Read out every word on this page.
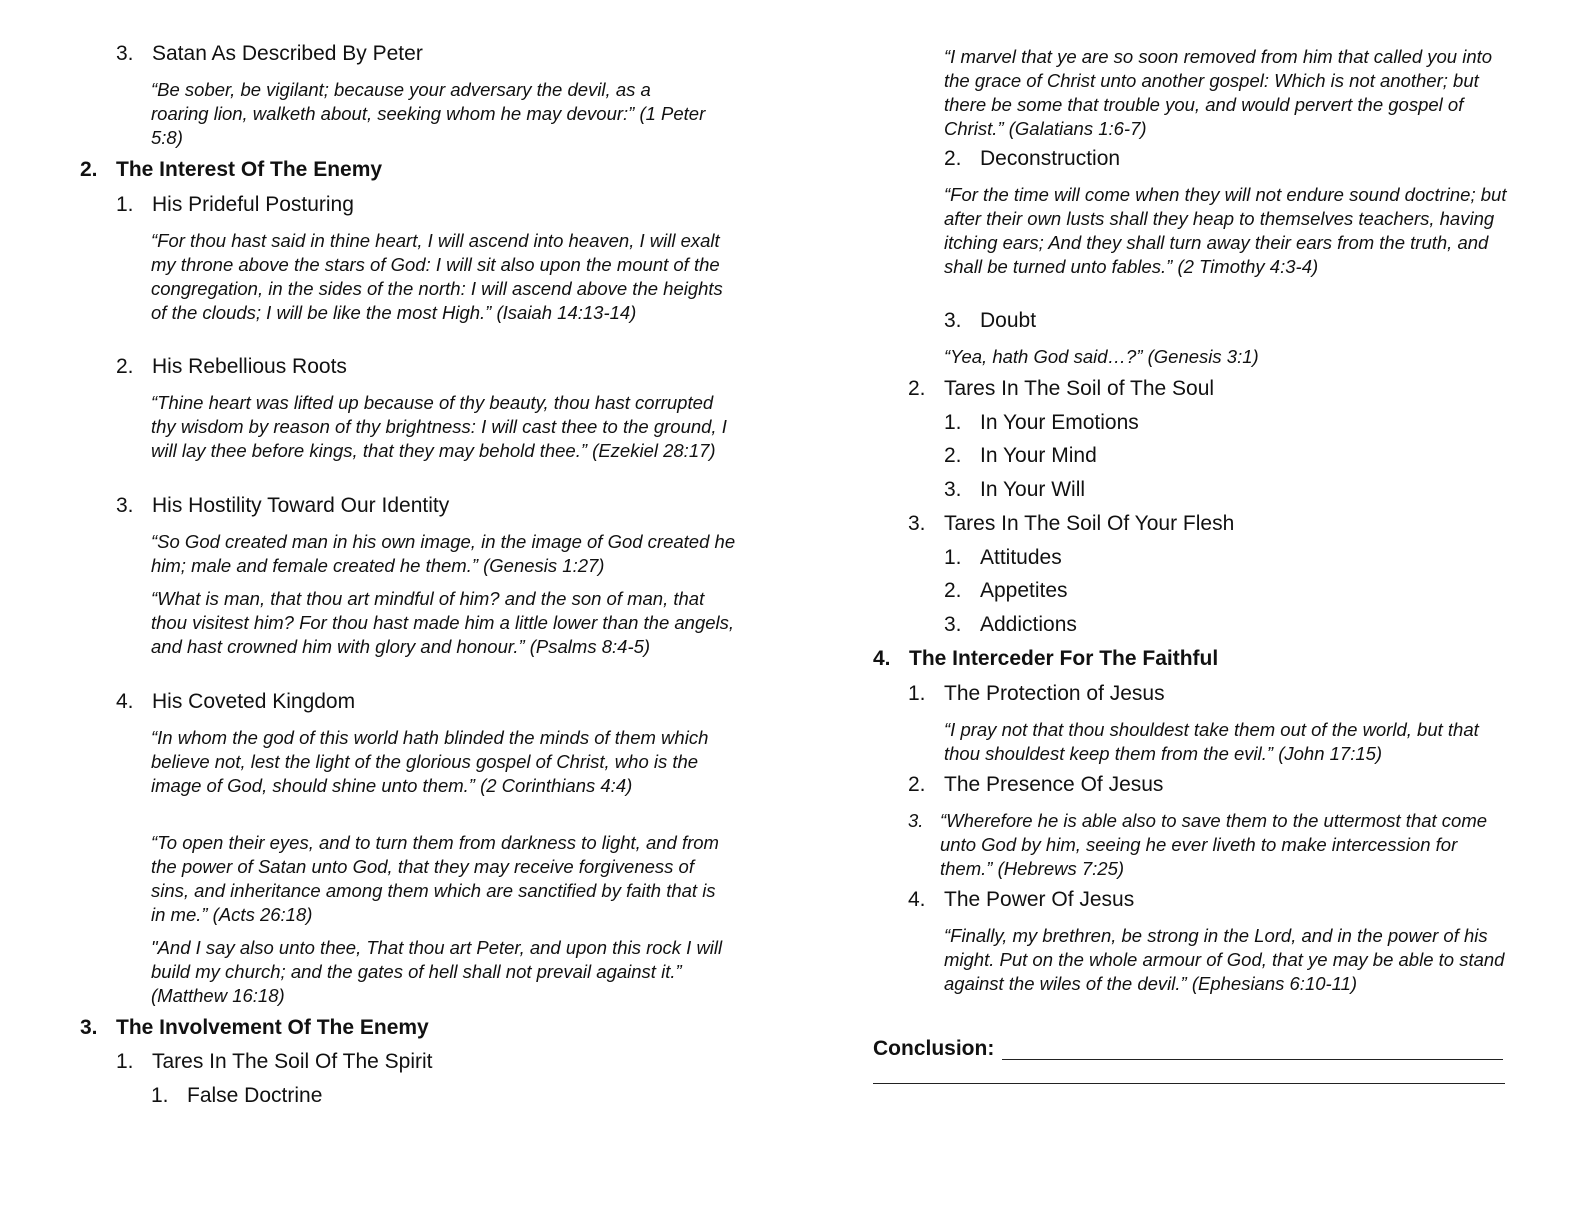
3. Satan As Described By Peter
“Be sober, be vigilant; because your adversary the devil, as a roaring lion, walketh about, seeking whom he may devour:” (1 Peter 5:8)
2. The Interest Of The Enemy
1. His Prideful Posturing
“For thou hast said in thine heart, I will ascend into heaven, I will exalt my throne above the stars of God: I will sit also upon the mount of the congregation, in the sides of the north: I will ascend above the heights of the clouds; I will be like the most High.” (Isaiah 14:13-14)
2. His Rebellious Roots
“Thine heart was lifted up because of thy beauty, thou hast corrupted thy wisdom by reason of thy brightness: I will cast thee to the ground, I will lay thee before kings, that they may behold thee.” (Ezekiel 28:17)
3. His Hostility Toward Our Identity
“So God created man in his own image, in the image of God created he him; male and female created he them.” (Genesis 1:27)
“What is man, that thou art mindful of him? and the son of man, that thou visitest him? For thou hast made him a little lower than the angels, and hast crowned him with glory and honour.” (Psalms 8:4-5)
4. His Coveted Kingdom
“In whom the god of this world hath blinded the minds of them which believe not, lest the light of the glorious gospel of Christ, who is the image of God, should shine unto them.” (2 Corinthians 4:4)
“To open their eyes, and to turn them from darkness to light, and from the power of Satan unto God, that they may receive forgiveness of sins, and inheritance among them which are sanctified by faith that is in me.” (Acts 26:18)
"And I say also unto thee, That thou art Peter, and upon this rock I will build my church; and the gates of hell shall not prevail against it.” (Matthew 16:18)
3. The Involvement Of The Enemy
1. Tares In The Soil Of The Spirit
1. False Doctrine
“I marvel that ye are so soon removed from him that called you into the grace of Christ unto another gospel: Which is not another; but there be some that trouble you, and would pervert the gospel of Christ.” (Galatians 1:6-7)
2. Deconstruction
“For the time will come when they will not endure sound doctrine; but after their own lusts shall they heap to themselves teachers, having itching ears; And they shall turn away their ears from the truth, and shall be turned unto fables.” (2 Timothy 4:3-4)
3. Doubt
“Yea, hath God said…?” (Genesis 3:1)
2. Tares In The Soil of The Soul
1. In Your Emotions
2. In Your Mind
3. In Your Will
3. Tares In The Soil Of Your Flesh
1. Attitudes
2. Appetites
3. Addictions
4. The Interceder For The Faithful
1. The Protection of Jesus
“I pray not that thou shouldest take them out of the world, but that thou shouldest keep them from the evil.” (John 17:15)
2. The Presence Of Jesus
3. “Wherefore he is able also to save them to the uttermost that come unto God by him, seeing he ever liveth to make intercession for them.” (Hebrews 7:25)
4. The Power Of Jesus
“Finally, my brethren, be strong in the Lord, and in the power of his might. Put on the whole armour of God, that ye may be able to stand against the wiles of the devil.” (Ephesians 6:10-11)
Conclusion:
